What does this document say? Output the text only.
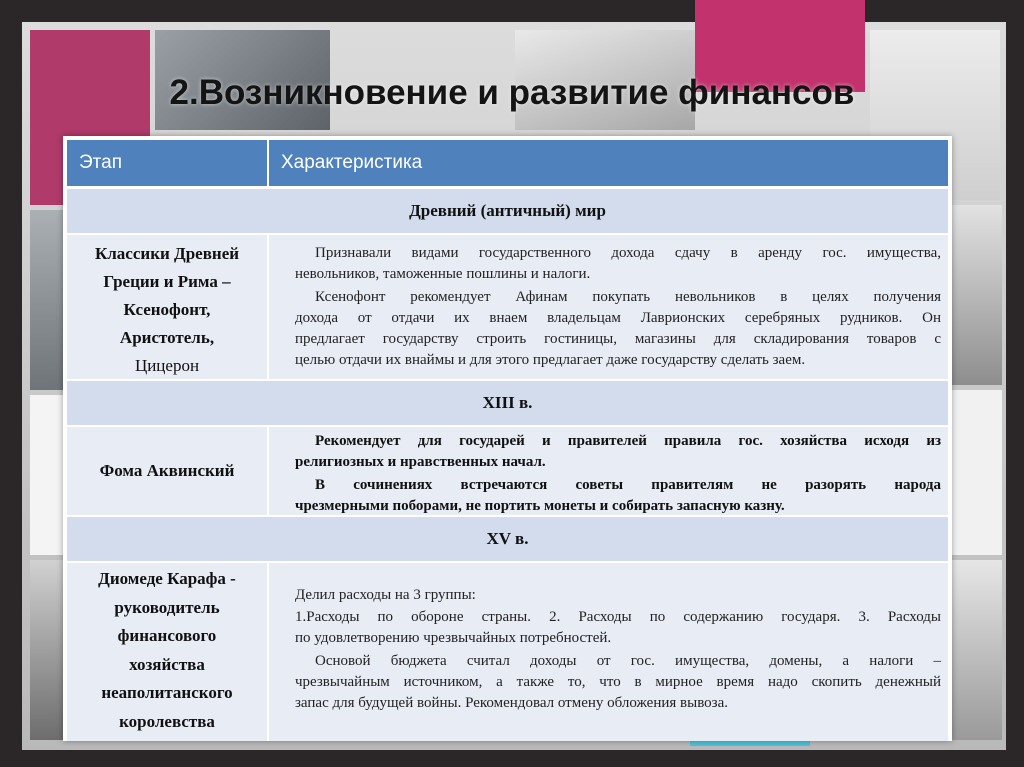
2.Возникновение и развитие финансов
Этап	Характеристика
Древний (античный) мир
Классики Древней
Греции и Рима –
Ксенофонт,
Аристотель,
Цицерон
Признавали видами государственного дохода сдачу в аренду гос. имущества,
невольников, таможенные пошлины и налоги.
Ксенофонт рекомендует Афинам покупать невольников в целях получения
дохода от отдачи их внаем владельцам Лаврионских серебряных рудников. Он
предлагает государству строить гостиницы, магазины для складирования товаров с
целью отдачи их внаймы и для этого предлагает даже государству сделать заем.
XIII в.
Фома Аквинский
Рекомендует для государей и правителей правила гос. хозяйства исходя из
религиозных и нравственных начал.
В сочинениях встречаются советы правителям не разорять народа
чрезмерными поборами, не портить монеты и собирать запасную казну.
XV в.
Диомеде Карафа -
руководитель
финансового
хозяйства
неаполитанского
королевства
Делил расходы на 3 группы:
1.Расходы по обороне страны. 2. Расходы по содержанию государя. 3. Расходы
по удовлетворению чрезвычайных потребностей.
Основой бюджета считал доходы от гос. имущества, домены, а налоги –
чрезвычайным источником, а также то, что в мирное время надо скопить денежный
запас для будущей войны. Рекомендовал отмену обложения вывоза.
